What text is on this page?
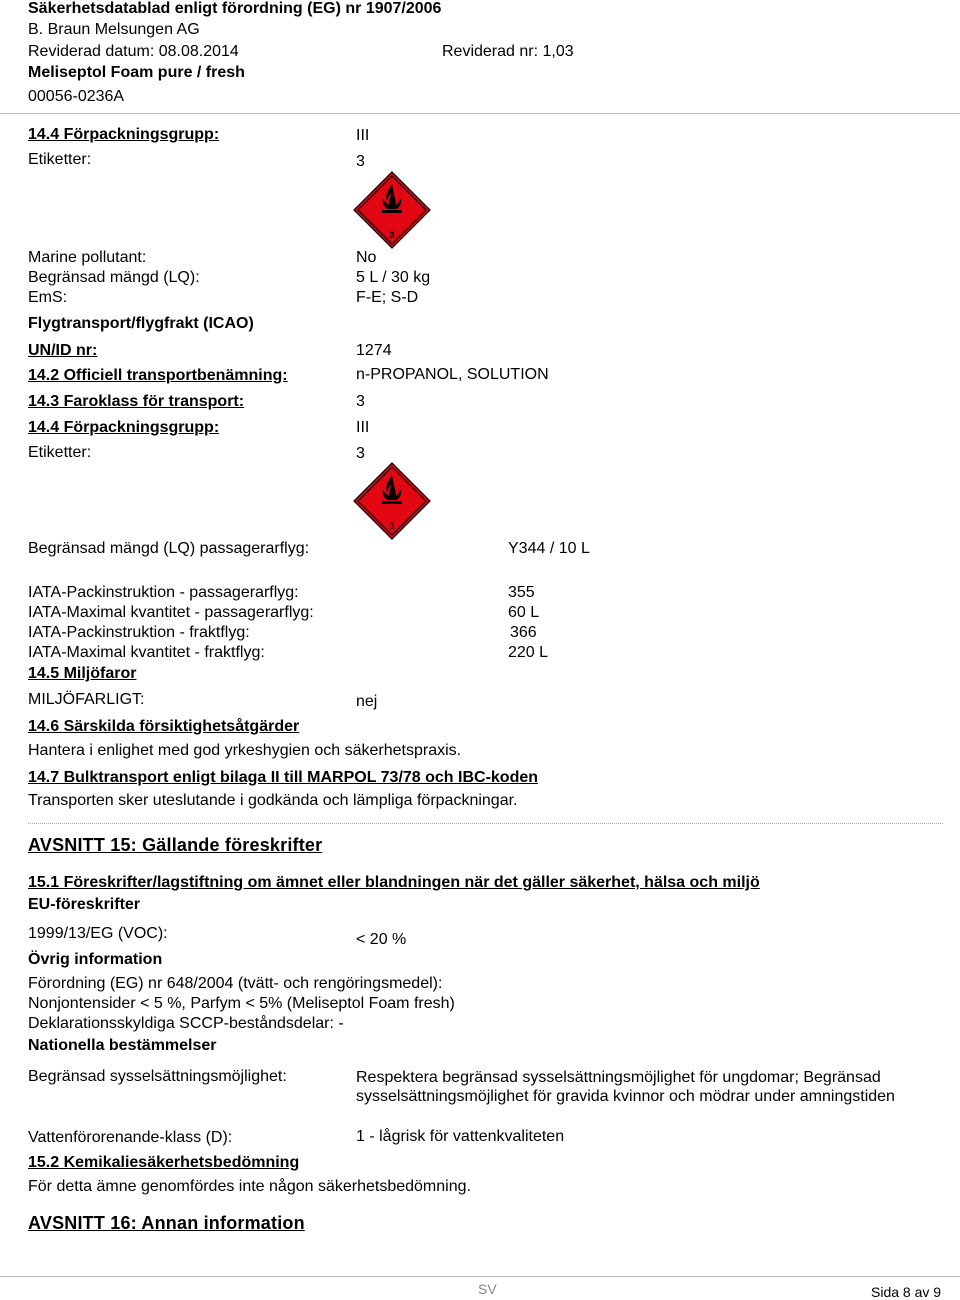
Säkerhetsdatablad enligt förordning (EG) nr 1907/2006
B. Braun Melsungen AG
Reviderad datum: 08.08.2014	Reviderad nr: 1,03
Meliseptol Foam pure / fresh
00056-0236A
14.4 Förpackningsgrupp:	III
Etiketter:	3
3
Marine pollutant:	No
Begränsad mängd (LQ):	5 L / 30 kg
EmS:	F-E; S-D
Flygtransport/flygfrakt (ICAO)
UN/ID nr:	1274
14.2 Officiell transportbenämning:	n-PROPANOL, SOLUTION
14.3 Faroklass för transport:	3
14.4 Förpackningsgrupp:	III
Etiketter:	3
3
Begränsad mängd (LQ) passagerarflyg:	Y344 / 10 L
IATA-Packinstruktion - passagerarflyg:	355
IATA-Maximal kvantitet - passagerarflyg:	60 L
IATA-Packinstruktion - fraktflyg:	366
IATA-Maximal kvantitet - fraktflyg:	220 L
14.5 Miljöfaror
MILJÖFARLIGT:	nej
14.6 Särskilda försiktighetsåtgärder
Hantera i enlighet med god yrkeshygien och säkerhetspraxis.
14.7 Bulktransport enligt bilaga II till MARPOL 73/78 och IBC-koden
Transporten sker uteslutande i godkända och lämpliga förpackningar.
AVSNITT 15: Gällande föreskrifter
15.1 Föreskrifter/lagstiftning om ämnet eller blandningen när det gäller säkerhet, hälsa och miljö
EU-föreskrifter
1999/13/EG (VOC):	< 20 %
Övrig information
Förordning (EG) nr 648/2004 (tvätt- och rengöringsmedel):
Nonjontensider < 5 %, Parfym < 5% (Meliseptol Foam fresh)
Deklarationsskyldiga SCCP-beståndsdelar: -
Nationella bestämmelser
Begränsad sysselsättningsmöjlighet:	Respektera begränsad sysselsättningsmöjlighet för ungdomar; Begränsad
sysselsättningsmöjlighet för gravida kvinnor och mödrar under amningstiden
Vattenförorenande-klass (D):	1 - lågrisk för vattenkvaliteten
15.2 Kemikaliesäkerhetsbedömning
För detta ämne genomfördes inte någon säkerhetsbedömning.
AVSNITT 16: Annan information
SV	Sida 8 av 9
